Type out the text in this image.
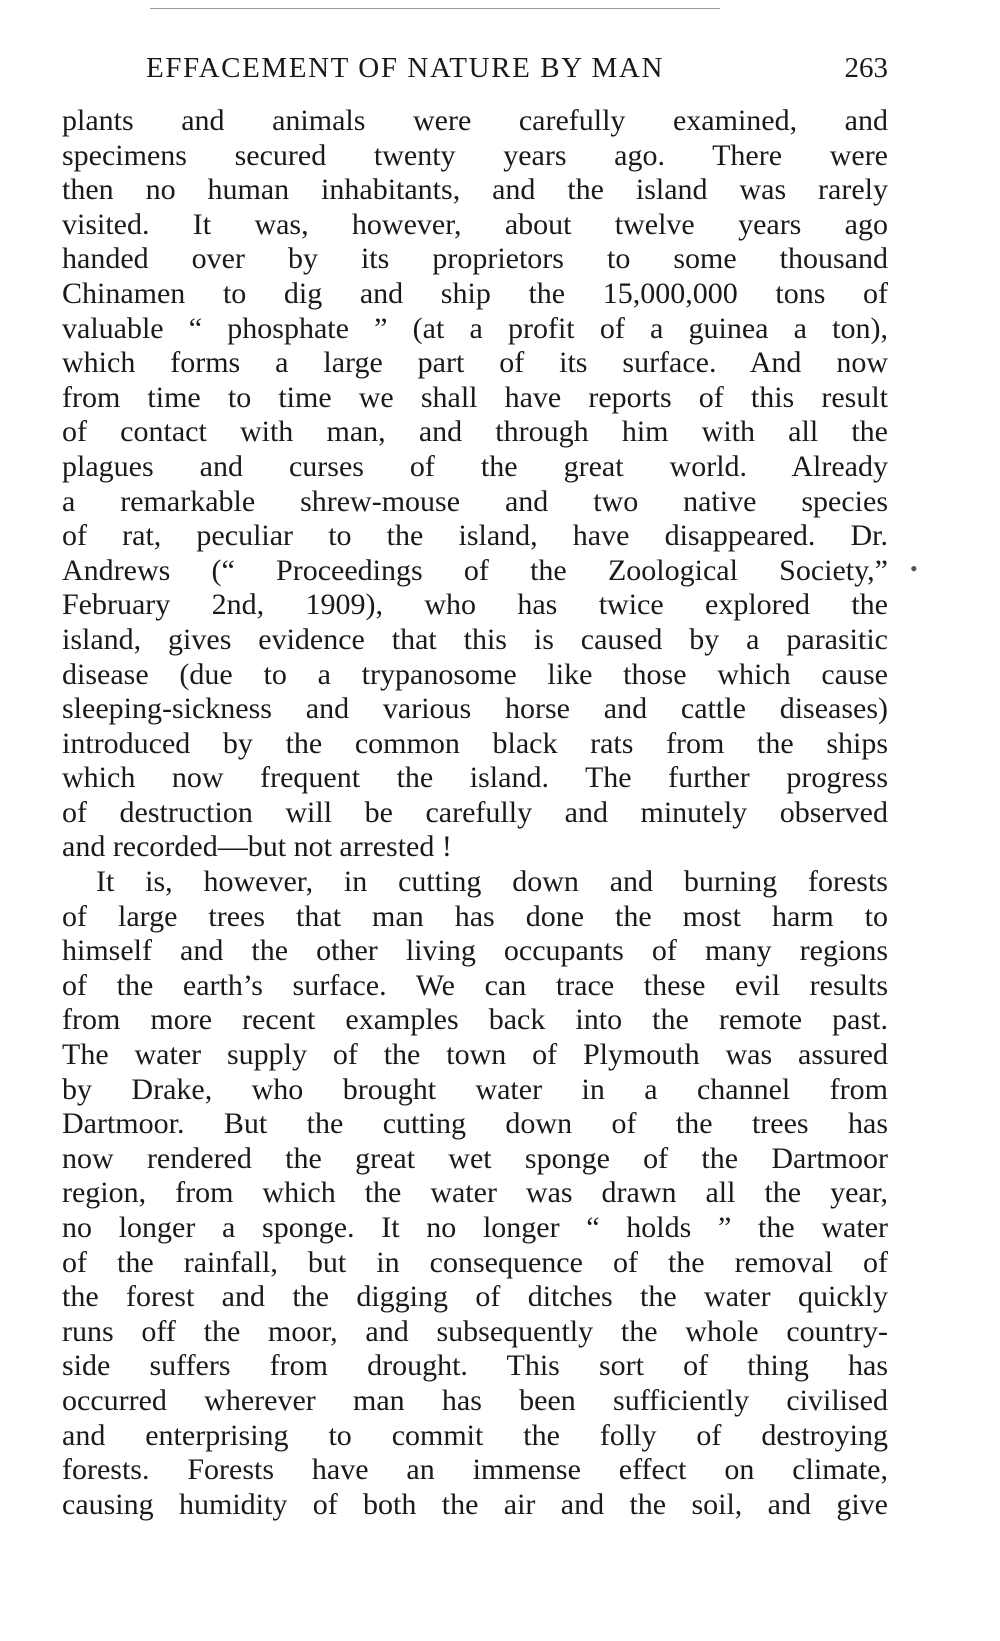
EFFACEMENT OF NATURE BY MAN	263
•
plants and animals were carefully examined, and
specimens secured twenty years ago. There were
then no human inhabitants, and the island was rarely
visited. It was, however, about twelve years ago
handed over by its proprietors to some thousand
Chinamen to dig and ship the 15,000,000 tons of
valuable “ phosphate ” (at a profit of a guinea a ton),
which forms a large part of its surface. And now
from time to time we shall have reports of this result
of contact with man, and through him with all the
plagues and curses of the great world. Already
a remarkable shrew-mouse and two native species
of rat, peculiar to the island, have disappeared. Dr.
Andrews (“ Proceedings of the Zoological Society,”
February 2nd, 1909), who has twice explored the
island, gives evidence that this is caused by a parasitic
disease (due to a trypanosome like those which cause
sleeping-sickness and various horse and cattle diseases)
introduced by the common black rats from the ships
which now frequent the island. The further progress
of destruction will be carefully and minutely observed
and recorded—but not arrested !
It is, however, in cutting down and burning forests
of large trees that man has done the most harm to
himself and the other living occupants of many regions
of the earth’s surface. We can trace these evil results
from more recent examples back into the remote past.
The water supply of the town of Plymouth was assured
by Drake, who brought water in a channel from
Dartmoor. But the cutting down of the trees has
now rendered the great wet sponge of the Dartmoor
region, from which the water was drawn all the year,
no longer a sponge. It no longer “ holds ” the water
of the rainfall, but in consequence of the removal of
the forest and the digging of ditches the water quickly
runs off the moor, and subsequently the whole country-
side suffers from drought. This sort of thing has
occurred wherever man has been sufficiently civilised
and enterprising to commit the folly of destroying
forests. Forests have an immense effect on climate,
causing humidity of both the air and the soil, and give
